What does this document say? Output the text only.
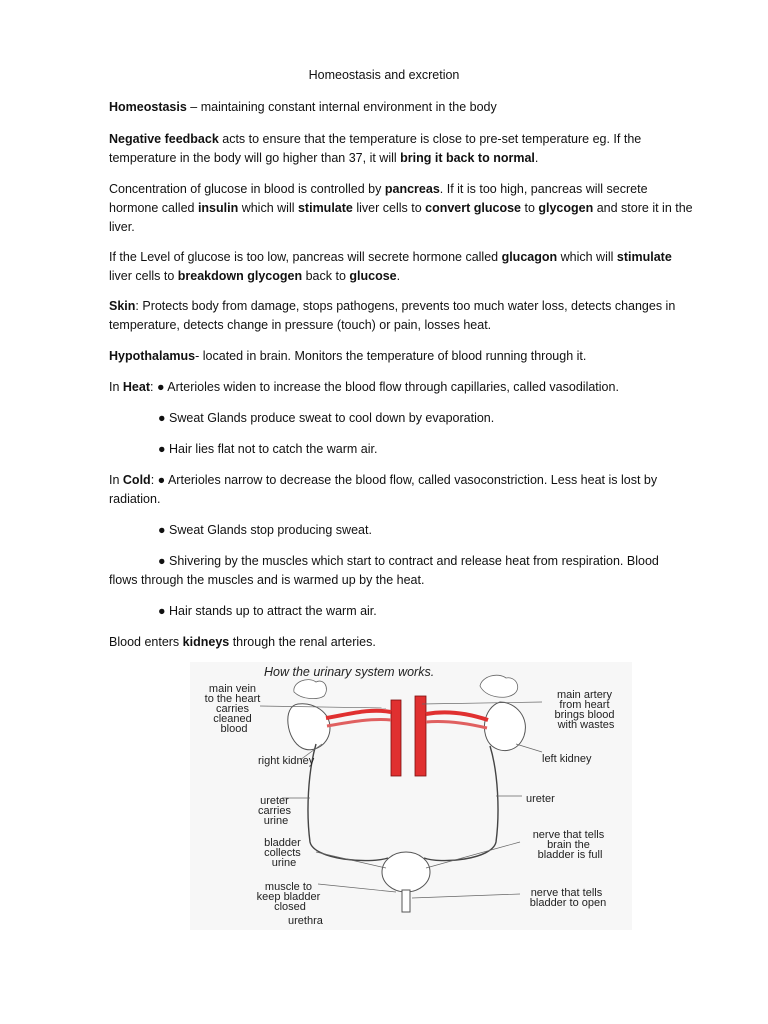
Homeostasis and excretion

Homeostasis – maintaining constant internal environment in the body

Negative feedback acts to ensure that the temperature is close to pre-set temperature eg. If the
temperature in the body will go higher than 37, it will bring it back to normal.

Concentration of glucose in blood is controlled by pancreas. If it is too high, pancreas will secrete
hormone called insulin which will stimulate liver cells to convert glucose to glycogen and store it in the
liver.

If the Level of glucose is too low, pancreas will secrete hormone called glucagon which will stimulate
liver cells to breakdown glycogen back to glucose.

Skin: Protects body from damage, stops pathogens, prevents too much water loss, detects changes in
temperature, detects change in pressure (touch) or pain, losses heat.

Hypothalamus- located in brain. Monitors the temperature of blood running through it.

In Heat: ● Arterioles widen to increase the blood flow through capillaries, called vasodilation.

● Sweat Glands produce sweat to cool down by evaporation.

● Hair lies flat not to catch the warm air.

In Cold: ● Arterioles narrow to decrease the blood flow, called vasoconstriction. Less heat is lost by
radiation.

● Sweat Glands stop producing sweat.

● Shivering by the muscles which start to contract and release heat from respiration. Blood

flows through the muscles and is warmed up by the heat.

● Hair stands up to attract the warm air.

Blood enters kidneys through the renal arteries.

How the urinary system works.
main vein to the heart carries cleaned blood
main artery from heart brings blood with wastes
right kidney	left kidney
ureter carries urine
ureter
bladder collects urine
nerve that tells brain the bladder is full
muscle to keep bladder closed
nerve that tells bladder to open
urethra
